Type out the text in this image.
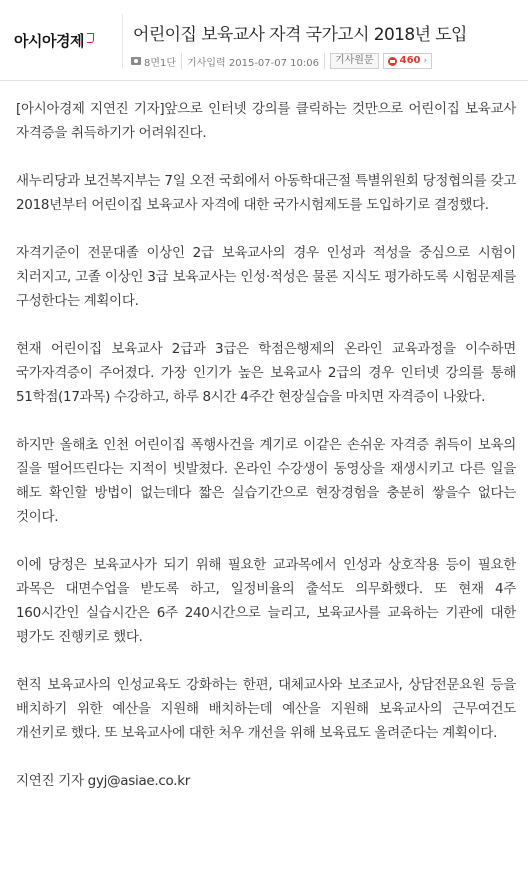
아시아경제	어린이집 보육교사 자격 국가고시 2018년 도입
8면1단 기사입력 2015-07-07 10:06	기사원문	460 ›

[아시아경제 지연진 기자]앞으로 인터넷 강의를 클릭하는 것만으로 어린이집 보육교사 자격증을 취득하기가 어려워진다.

새누리당과 보건복지부는 7일 오전 국회에서 아동학대근절 특별위원회 당정협의를 갖고 2018년부터 어린이집 보육교사 자격에 대한 국가시험제도를 도입하기로 결정했다.

자격기준이 전문대졸 이상인 2급 보육교사의 경우 인성과 적성을 중심으로 시험이 치러지고, 고졸 이상인 3급 보육교사는 인성·적성은 물론 지식도 평가하도록 시험문제를 구성한다는 계획이다.

현재 어린이집 보육교사 2급과 3급은 학점은행제의 온라인 교육과정을 이수하면 국가자격증이 주어졌다. 가장 인기가 높은 보육교사 2급의 경우 인터넷 강의를 통해 51학점(17과목) 수강하고, 하루 8시간 4주간 현장실습을 마치면 자격증이 나왔다.

하지만 올해초 인천 어린이집 폭행사건을 계기로 이같은 손쉬운 자격증 취득이 보육의 질을 떨어뜨린다는 지적이 빗발쳤다. 온라인 수강생이 동영상을 재생시키고 다른 일을 해도 확인할 방법이 없는데다 짧은 실습기간으로 현장경험을 충분히 쌓을수 없다는 것이다.

이에 당정은 보육교사가 되기 위해 필요한 교과목에서 인성과 상호작용 등이 필요한 과목은 대면수업을 받도록 하고, 일정비율의 출석도 의무화했다. 또 현재 4주 160시간인 실습시간은 6주 240시간으로 늘리고, 보육교사를 교육하는 기관에 대한 평가도 진행키로 했다.

현직 보육교사의 인성교육도 강화하는 한편, 대체교사와 보조교사, 상담전문요원 등을 배치하기 위한 예산을 지원해 배치하는데 예산을 지원해 보육교사의 근무여건도 개선키로 했다. 또 보육교사에 대한 처우 개선을 위해 보육료도 올려준다는 계획이다.

지연진 기자 gyj@asiae.co.kr
